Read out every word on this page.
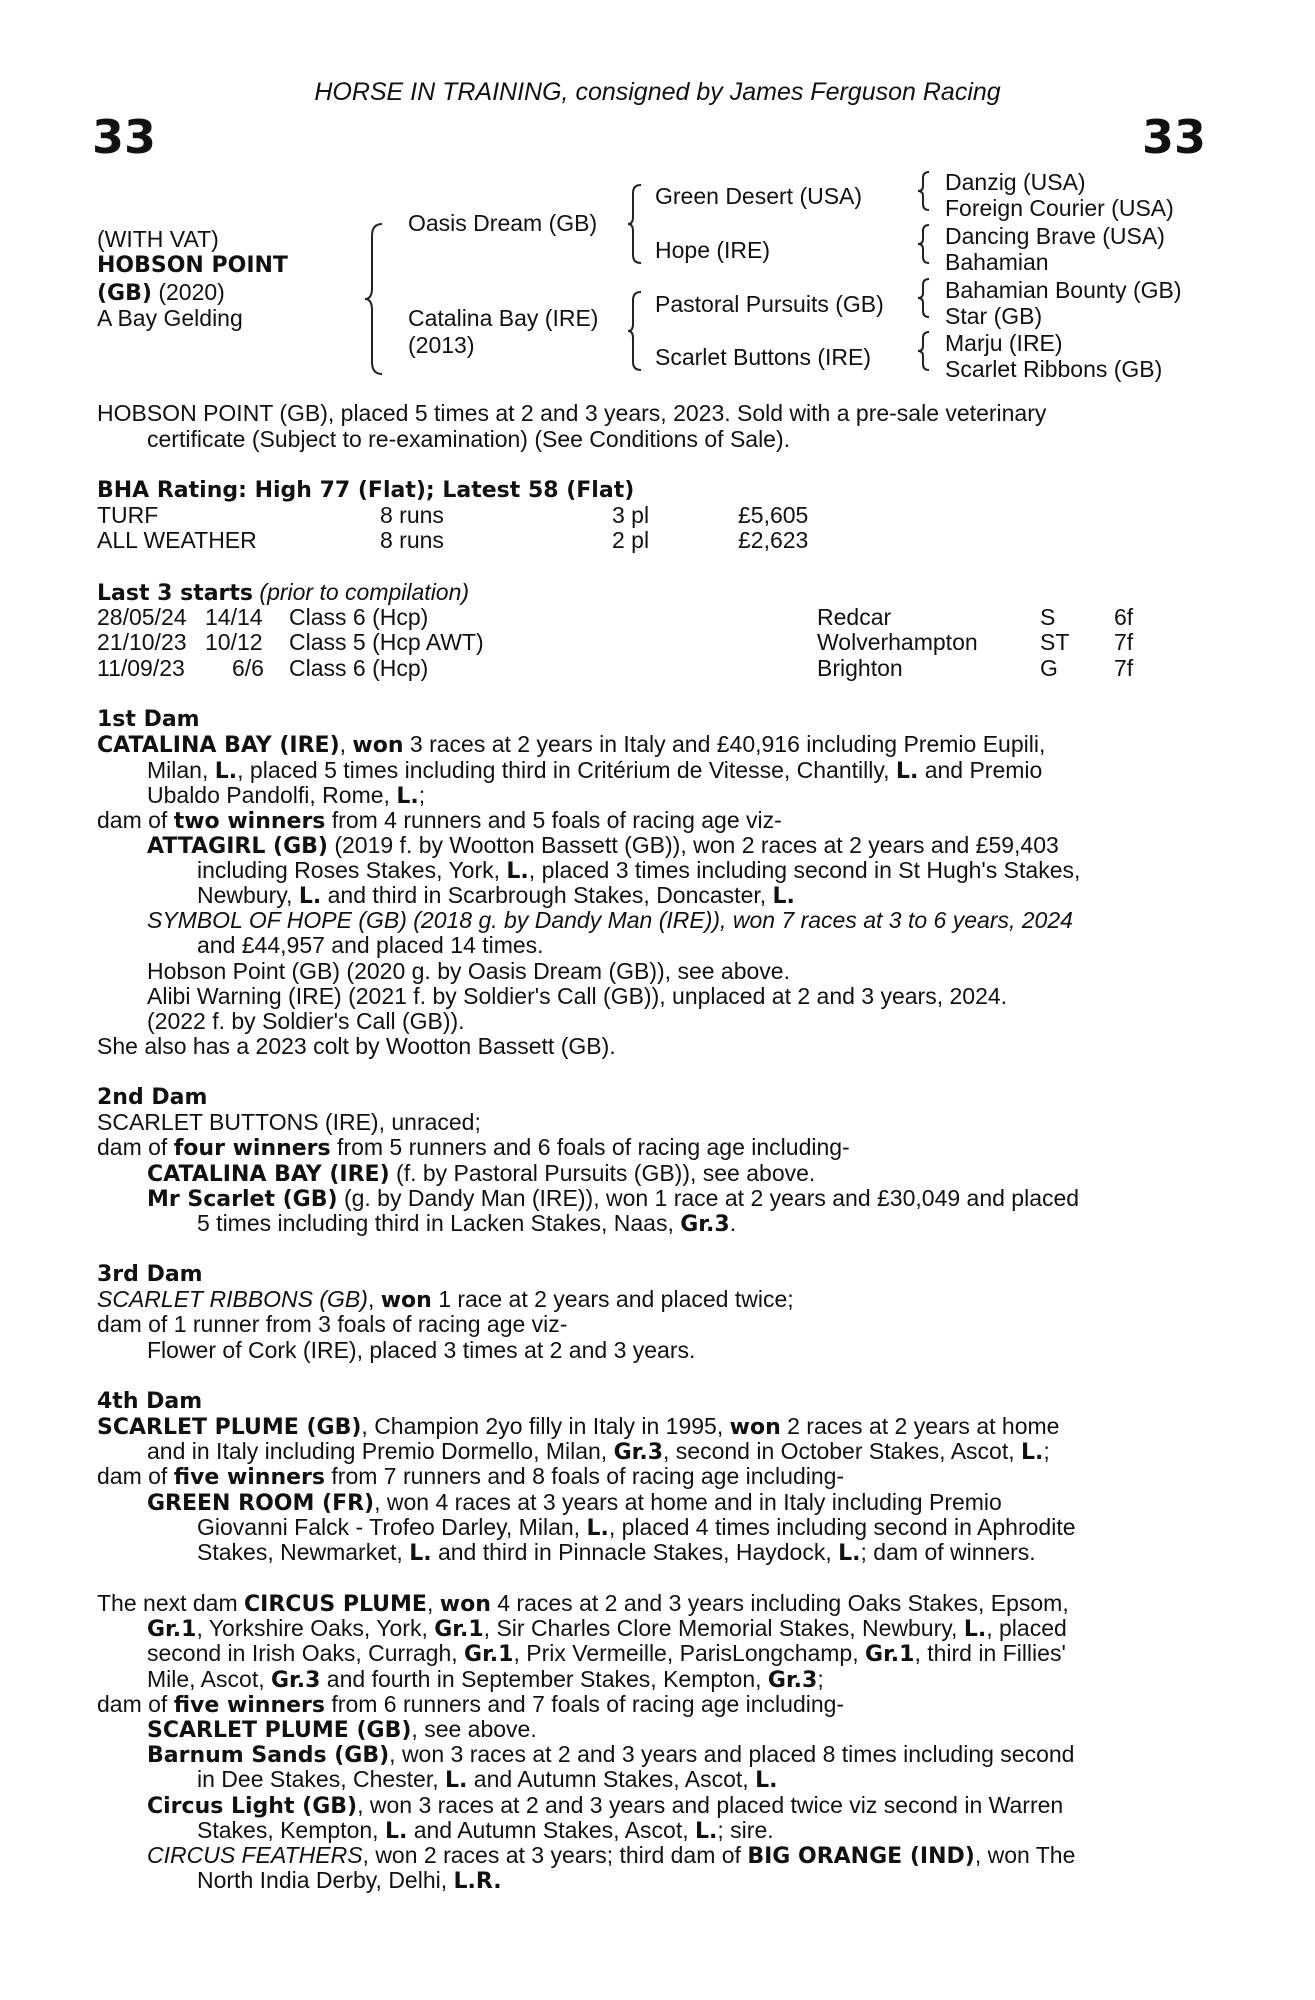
HORSE IN TRAINING, consigned by James Ferguson Racing
33	33
(WITH VAT)
HOBSON POINT
(GB) (2020)
A Bay Gelding
Oasis Dream (GB)
Catalina Bay (IRE)
(2013)
Green Desert (USA)
Hope (IRE)
Pastoral Pursuits (GB)
Scarlet Buttons (IRE)
Danzig (USA)
Foreign Courier (USA)
Dancing Brave (USA)
Bahamian
Bahamian Bounty (GB)
Star (GB)
Marju (IRE)
Scarlet Ribbons (GB)
HOBSON POINT (GB), placed 5 times at 2 and 3 years, 2023. Sold with a pre-sale veterinary
certificate (Subject to re-examination) (See Conditions of Sale).
BHA Rating: High 77 (Flat); Latest 58 (Flat)
TURF	8 runs	3 pl	£5,605
ALL WEATHER	8 runs	2 pl	£2,623
Last 3 starts (prior to compilation)
28/05/24 14/14 Class 6 (Hcp)	Redcar	S	6f
21/10/23 10/12 Class 5 (Hcp AWT)	Wolverhampton	ST 7f
11/09/23 6/6 Class 6 (Hcp)	Brighton	G 7f
1st Dam
CATALINA BAY (IRE), won 3 races at 2 years in Italy and £40,916 including Premio Eupili,
Milan, L., placed 5 times including third in Critérium de Vitesse, Chantilly, L. and Premio
Ubaldo Pandolfi, Rome, L.;
dam of two winners from 4 runners and 5 foals of racing age viz-
ATTAGIRL (GB) (2019 f. by Wootton Bassett (GB)), won 2 races at 2 years and £59,403
including Roses Stakes, York, L., placed 3 times including second in St Hugh's Stakes,
Newbury, L. and third in Scarbrough Stakes, Doncaster, L.
SYMBOL OF HOPE (GB) (2018 g. by Dandy Man (IRE)), won 7 races at 3 to 6 years, 2024
and £44,957 and placed 14 times.
Hobson Point (GB) (2020 g. by Oasis Dream (GB)), see above.
Alibi Warning (IRE) (2021 f. by Soldier's Call (GB)), unplaced at 2 and 3 years, 2024.
(2022 f. by Soldier's Call (GB)).
She also has a 2023 colt by Wootton Bassett (GB).
2nd Dam
SCARLET BUTTONS (IRE), unraced;
dam of four winners from 5 runners and 6 foals of racing age including-
CATALINA BAY (IRE) (f. by Pastoral Pursuits (GB)), see above.
Mr Scarlet (GB) (g. by Dandy Man (IRE)), won 1 race at 2 years and £30,049 and placed
5 times including third in Lacken Stakes, Naas, Gr.3.
3rd Dam
SCARLET RIBBONS (GB), won 1 race at 2 years and placed twice;
dam of 1 runner from 3 foals of racing age viz-
Flower of Cork (IRE), placed 3 times at 2 and 3 years.
4th Dam
SCARLET PLUME (GB), Champion 2yo filly in Italy in 1995, won 2 races at 2 years at home
and in Italy including Premio Dormello, Milan, Gr.3, second in October Stakes, Ascot, L.;
dam of five winners from 7 runners and 8 foals of racing age including-
GREEN ROOM (FR), won 4 races at 3 years at home and in Italy including Premio
Giovanni Falck - Trofeo Darley, Milan, L., placed 4 times including second in Aphrodite
Stakes, Newmarket, L. and third in Pinnacle Stakes, Haydock, L.; dam of winners.
The next dam CIRCUS PLUME, won 4 races at 2 and 3 years including Oaks Stakes, Epsom,
Gr.1, Yorkshire Oaks, York, Gr.1, Sir Charles Clore Memorial Stakes, Newbury, L., placed
second in Irish Oaks, Curragh, Gr.1, Prix Vermeille, ParisLongchamp, Gr.1, third in Fillies'
Mile, Ascot, Gr.3 and fourth in September Stakes, Kempton, Gr.3;
dam of five winners from 6 runners and 7 foals of racing age including-
SCARLET PLUME (GB), see above.
Barnum Sands (GB), won 3 races at 2 and 3 years and placed 8 times including second
in Dee Stakes, Chester, L. and Autumn Stakes, Ascot, L.
Circus Light (GB), won 3 races at 2 and 3 years and placed twice viz second in Warren
Stakes, Kempton, L. and Autumn Stakes, Ascot, L.; sire.
CIRCUS FEATHERS, won 2 races at 3 years; third dam of BIG ORANGE (IND), won The
North India Derby, Delhi, L.R.
